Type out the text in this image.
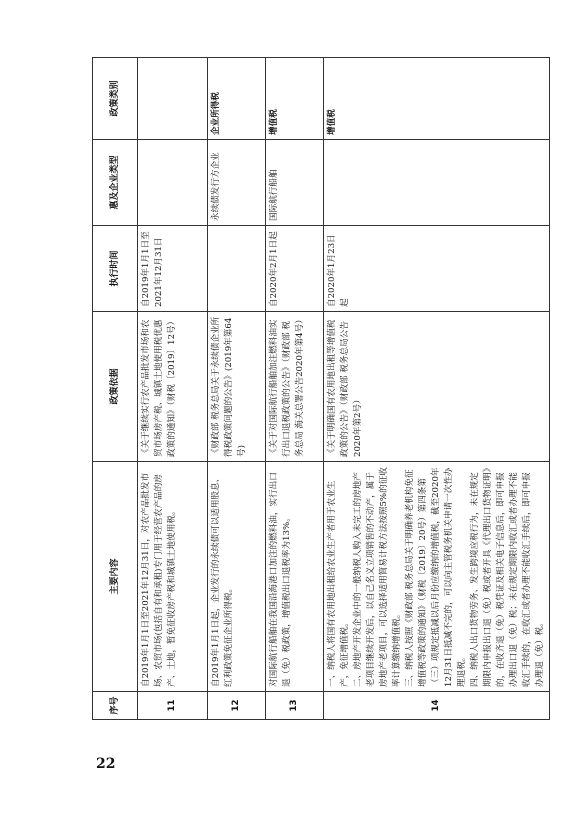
22
序号	主要内容	政策依据	执行时间	惠及企业类型	政策类别
11	自2019年1月1日至2021年12月31日，对农产品批发市场、农贸市场(包括自有和承租)专门用于经营农产品的房产、土地，暂免征收房产税和城镇土地使用税。	《关于继续实行农产品批发市场和农贸市场房产税、城镇土地使用税优惠政策的通知》（财税〔2019〕12号）	自2019年1月1日至2021年12月31日		
12	自2019年1月1日起，企业发行的永续债可以适用股息、红利政策免征企业所得税。	《财政部 税务总局关于永续债企业所得税政策问题的公告》(2019年第64号)		永续债发行方企业	企业所得税
13	对国际航行船舶在我国沿海港口加注的燃料油，实行出口退（免）税政策，增值税出口退税率为13%。	《关于对国际航行船舶加注燃料油实行出口退税政策的公告》（财政部 税务总局 海关总署公告2020年第4号）	自2020年2月1日起	国际航行船舶	增值税
14	一、纳税人将国有农用地出租给农业生产者用于农业生产，免征增值税。 二、房地产开发企业中的一般纳税人购入未完工的房地产老项目继续开发后，以自己名义立项销售的不动产，属于房地产老项目，可以选择适用简易计税方法按照5%的征收率计算缴纳增值税。 三、纳税人按照《财政部 税务总局关于明确养老机构免征增值税等政策的通知》（财税〔2019〕20号）第四条第（三）项规定抵减以后月份应缴纳的增值税，截至2020年12月31日抵减不完的，可以向主管税务机关申请一次性办理退税。 四、纳税人出口货物劳务、发生跨境应税行为，未在规定期限内申报出口退（免）税或者开具《代理出口货物证明》的，在收齐退（免）税凭证及相关电子信息后，即可申报办理出口退（免）税；未在规定期限内收汇或者办理不能收汇手续的，在收汇或者办理不能收汇手续后，即可申报办理退（免）税。	《关于明确国有农用地出租等增值税政策的公告》（财政部 税务总局公告2020年第2号）	自2020年1月23日起		增值税
